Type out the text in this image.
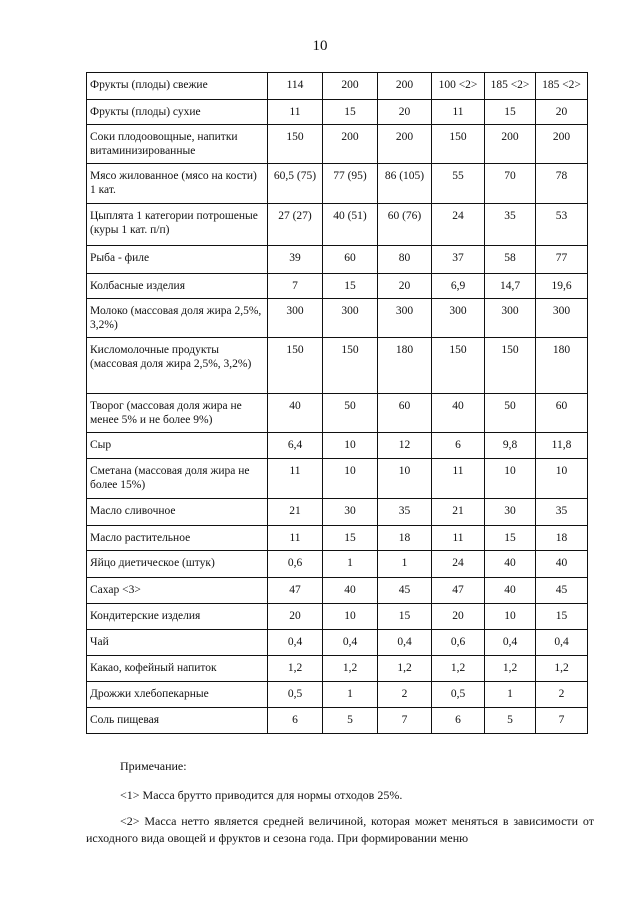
10
Фрукты (плоды) свежие	114	200	200	100 <2>	185 <2>	185 <2>
Фрукты (плоды) сухие	11	15	20	11	15	20
Соки плодоовощные, напитки витаминизированные	150	200	200	150	200	200
Мясо жилованное (мясо на кости) 1 кат.	60,5 (75)	77 (95)	86 (105)	55	70	78
Цыплята 1 категории потрошеные (куры 1 кат. п/п)	27 (27)	40 (51)	60 (76)	24	35	53
Рыба - филе	39	60	80	37	58	77
Колбасные изделия	7	15	20	6,9	14,7	19,6
Молоко (массовая доля жира 2,5%, 3,2%)	300	300	300	300	300	300
Кисломолочные продукты (массовая доля жира 2,5%, 3,2%)	150	150	180	150	150	180
Творог (массовая доля жира не менее 5% и не более 9%)	40	50	60	40	50	60
Сыр	6,4	10	12	6	9,8	11,8
Сметана (массовая доля жира не более 15%)	11	10	10	11	10	10
Масло сливочное	21	30	35	21	30	35
Масло растительное	11	15	18	11	15	18
Яйцо диетическое (штук)	0,6	1	1	24	40	40
Сахар <3>	47	40	45	47	40	45
Кондитерские изделия	20	10	15	20	10	15
Чай	0,4	0,4	0,4	0,6	0,4	0,4
Какао, кофейный напиток	1,2	1,2	1,2	1,2	1,2	1,2
Дрожжи хлебопекарные	0,5	1	2	0,5	1	2
Соль пищевая	6	5	7	6	5	7

Примечание:

<1> Масса брутто приводится для нормы отходов 25%.

<2> Масса нетто является средней величиной, которая может меняться в зависимости от исходного вида овощей и фруктов и сезона года. При формировании меню
